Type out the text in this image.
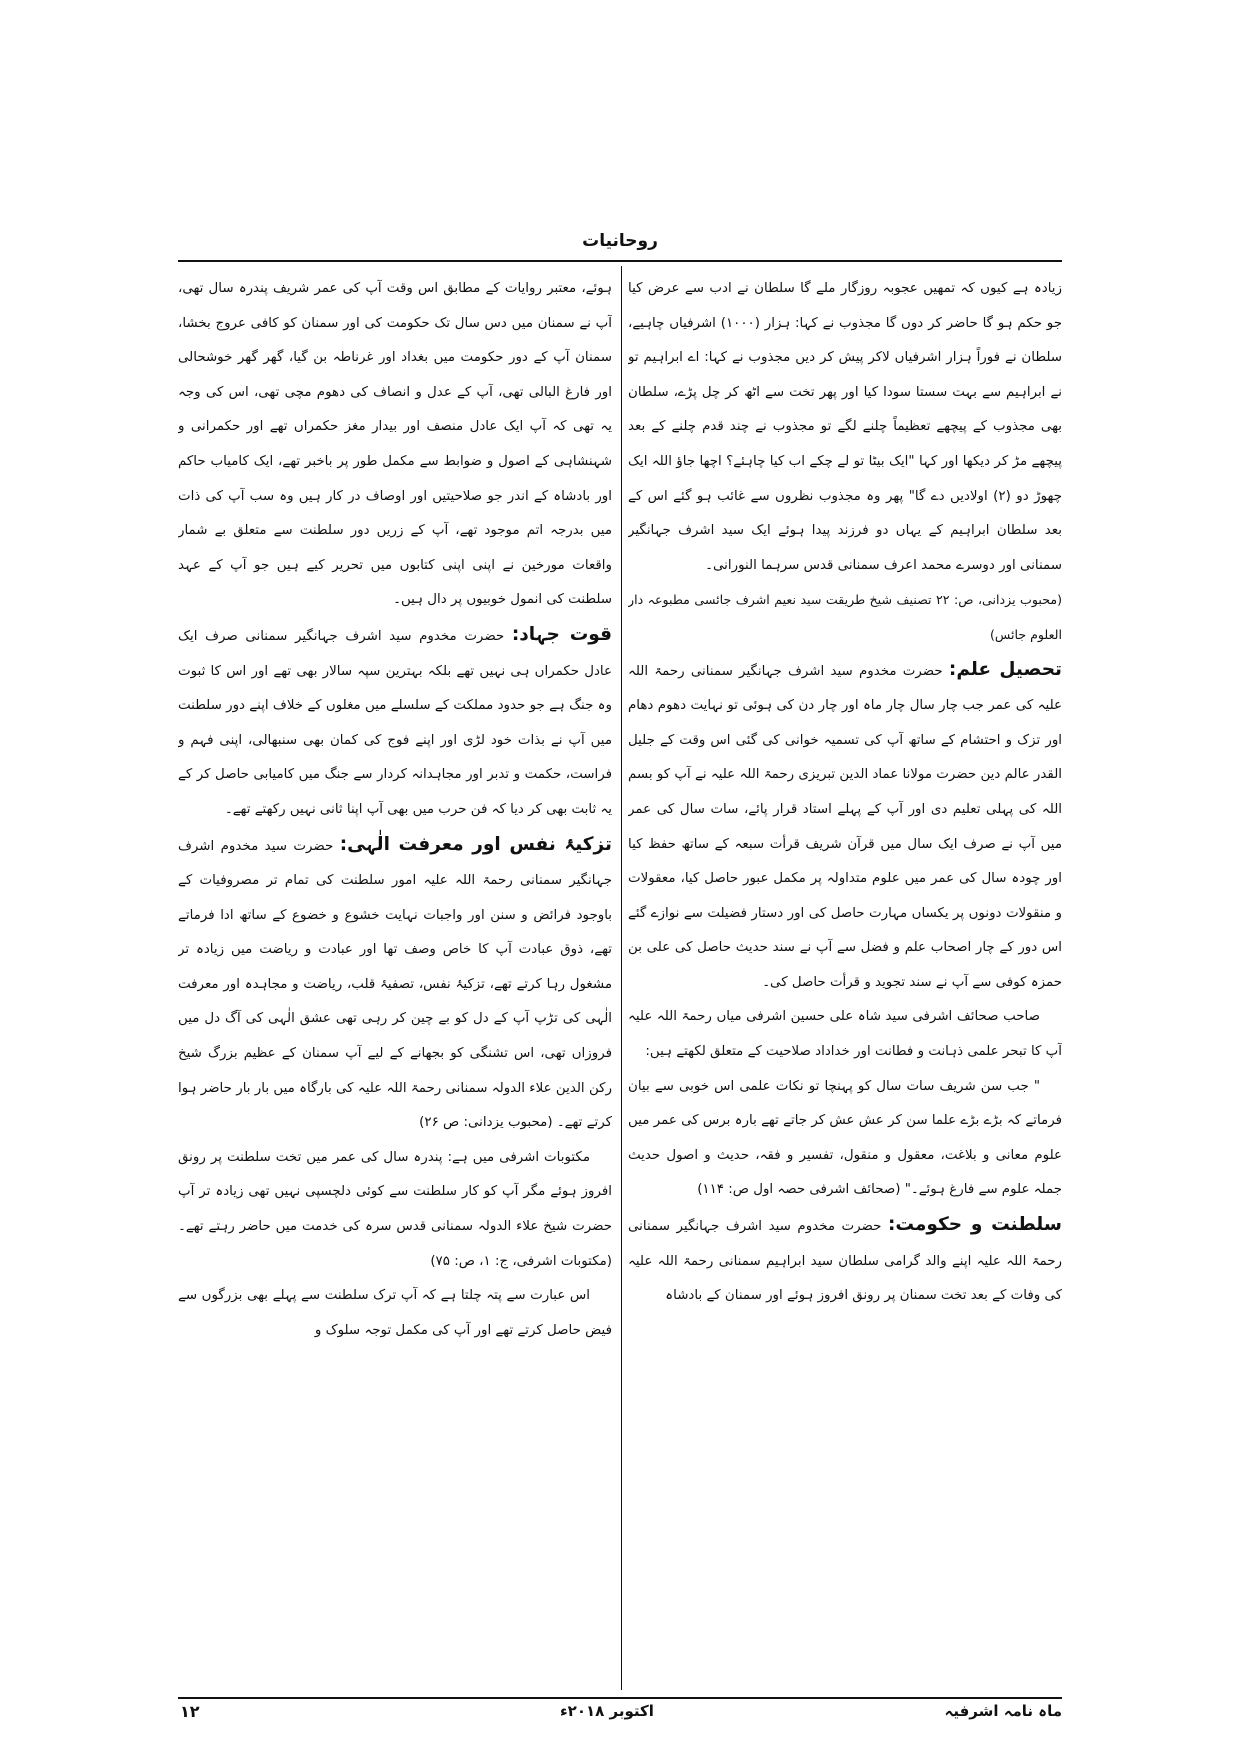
روحانیات

زیادہ ہے کیوں کہ تمھیں عجوبہ روزگار ملے گا سلطان نے ادب سے عرض کیا جو حکم ہو گا حاضر کر دوں گا مجذوب نے کہا: ہزار (۱۰۰۰) اشرفیاں چاہیے، سلطان نے فوراً ہزار اشرفیاں لاکر پیش کر دیں مجذوب نے کہا: اے ابراہیم تو نے ابراہیم سے بہت سستا سودا کیا اور پھر تخت سے اٹھ کر چل پڑے، سلطان بھی مجذوب کے پیچھے تعظیماً چلنے لگے تو مجذوب نے چند قدم چلنے کے بعد پیچھے مڑ کر دیکھا اور کہا "ایک بیٹا تو لے چکے اب کیا چاہئے؟ اچھا جاؤ اللہ ایک چھوڑ دو (۲) اولادیں دے گا" پھر وہ مجذوب نظروں سے غائب ہو گئے اس کے بعد سلطان ابراہیم کے یہاں دو فرزند پیدا ہوئے ایک سید اشرف جہانگیر سمنانی اور دوسرے محمد اعرف سمنانی قدس سرہما النورانی۔

(محبوب یزدانی، ص: ۲۲ تصنیف شیخ طریقت سید نعیم اشرف جائسی مطبوعہ دار العلوم جائس)

تحصیل علم: حضرت مخدوم سید اشرف جہانگیر سمنانی رحمۃ اللہ علیہ کی عمر جب چار سال چار ماہ اور چار دن کی ہوئی تو نہایت دھوم دھام اور تزک و احتشام کے ساتھ آپ کی تسمیہ خوانی کی گئی اس وقت کے جلیل القدر عالم دین حضرت مولانا عماد الدین تبریزی رحمۃ اللہ علیہ نے آپ کو بسم اللہ کی پہلی تعلیم دی اور آپ کے پہلے استاد قرار پائے، سات سال کی عمر میں آپ نے صرف ایک سال میں قرآن شریف قرأت سبعہ کے ساتھ حفظ کیا اور چودہ سال کی عمر میں علوم متداولہ پر مکمل عبور حاصل کیا، معقولات و منقولات دونوں پر یکساں مہارت حاصل کی اور دستار فضیلت سے نوازے گئے اس دور کے چار اصحاب علم و فضل سے آپ نے سند حدیث حاصل کی علی بن حمزہ کوفی سے آپ نے سند تجوید و قرأت حاصل کی۔

صاحب صحائف اشرفی سید شاہ علی حسین اشرفی میاں رحمۃ اللہ علیہ آپ کا تبحر علمی ذہانت و فطانت اور خداداد صلاحیت کے متعلق لکھتے ہیں:

" جب سن شریف سات سال کو پہنچا تو نکات علمی اس خوبی سے بیان فرماتے کہ بڑے بڑے علما سن کر عش عش کر جاتے تھے بارہ برس کی عمر میں علوم معانی و بلاغت، معقول و منقول، تفسیر و فقہ، حدیث و اصول حدیث جملہ علوم سے فارغ ہوئے۔" (صحائف اشرفی حصہ اول ص: ۱۱۴)

سلطنت و حکومت: حضرت مخدوم سید اشرف جہانگیر سمنانی رحمۃ اللہ علیہ اپنے والد گرامی سلطان سید ابراہیم سمنانی رحمۃ اللہ علیہ کی وفات کے بعد تخت سمنان پر رونق افروز ہوئے اور سمنان کے بادشاہ

ہوئے، معتبر روایات کے مطابق اس وقت آپ کی عمر شریف پندرہ سال تھی، آپ نے سمنان میں دس سال تک حکومت کی اور سمنان کو کافی عروج بخشا، سمنان آپ کے دور حکومت میں بغداد اور غرناطہ بن گیا، گھر گھر خوشحالی اور فارغ البالی تھی، آپ کے عدل و انصاف کی دھوم مچی تھی، اس کی وجہ یہ تھی کہ آپ ایک عادل منصف اور بیدار مغز حکمراں تھے اور حکمرانی و شہنشاہی کے اصول و ضوابط سے مکمل طور پر باخبر تھے، ایک کامیاب حاکم اور بادشاہ کے اندر جو صلاحیتیں اور اوصاف در کار ہیں وہ سب آپ کی ذات میں بدرجہ اتم موجود تھے، آپ کے زریں دور سلطنت سے متعلق بے شمار واقعات مورخین نے اپنی اپنی کتابوں میں تحریر کیے ہیں جو آپ کے عہد سلطنت کی انمول خوبیوں پر دال ہیں۔

قوت جہاد: حضرت مخدوم سید اشرف جہانگیر سمنانی صرف ایک عادل حکمراں ہی نہیں تھے بلکہ بہترین سپہ سالار بھی تھے اور اس کا ثبوت وہ جنگ ہے جو حدود مملکت کے سلسلے میں مغلوں کے خلاف اپنے دور سلطنت میں آپ نے بذات خود لڑی اور اپنے فوج کی کمان بھی سنبھالی، اپنی فہم و فراست، حکمت و تدبر اور مجاہدانہ کردار سے جنگ میں کامیابی حاصل کر کے یہ ثابت بھی کر دیا کہ فن حرب میں بھی آپ اپنا ثانی نہیں رکھتے تھے۔

تزکیۂ نفس اور معرفت الٰہی: حضرت سید مخدوم اشرف جہانگیر سمنانی رحمۃ اللہ علیہ امور سلطنت کی تمام تر مصروفیات کے باوجود فرائض و سنن اور واجبات نہایت خشوع و خضوع کے ساتھ ادا فرماتے تھے، ذوق عبادت آپ کا خاص وصف تھا اور عبادت و ریاضت میں زیادہ تر مشغول رہا کرتے تھے، تزکیۂ نفس، تصفیۂ قلب، ریاضت و مجاہدہ اور معرفت الٰہی کی تڑپ آپ کے دل کو بے چین کر رہی تھی عشق الٰہی کی آگ دل میں فروزاں تھی، اس تشنگی کو بجھانے کے لیے آپ سمنان کے عظیم بزرگ شیخ رکن الدین علاء الدولہ سمنانی رحمۃ اللہ علیہ کی بارگاہ میں بار بار حاضر ہوا کرتے تھے۔ (محبوب یزدانی: ص ۲۶)

مکتوبات اشرفی میں ہے: پندرہ سال کی عمر میں تخت سلطنت پر رونق افروز ہوئے مگر آپ کو کار سلطنت سے کوئی دلچسپی نہیں تھی زیادہ تر آپ حضرت شیخ علاء الدولہ سمنانی قدس سرہ کی خدمت میں حاضر رہتے تھے۔ (مکتوبات اشرفی، ج: ۱، ص: ۷۵)

اس عبارت سے پتہ چلتا ہے کہ آپ ترک سلطنت سے پہلے بھی بزرگوں سے فیض حاصل کرتے تھے اور آپ کی مکمل توجہ سلوک و

ماہ نامہ اشرفیہ
اکتوبر ۲۰۱۸ء
۱۲
